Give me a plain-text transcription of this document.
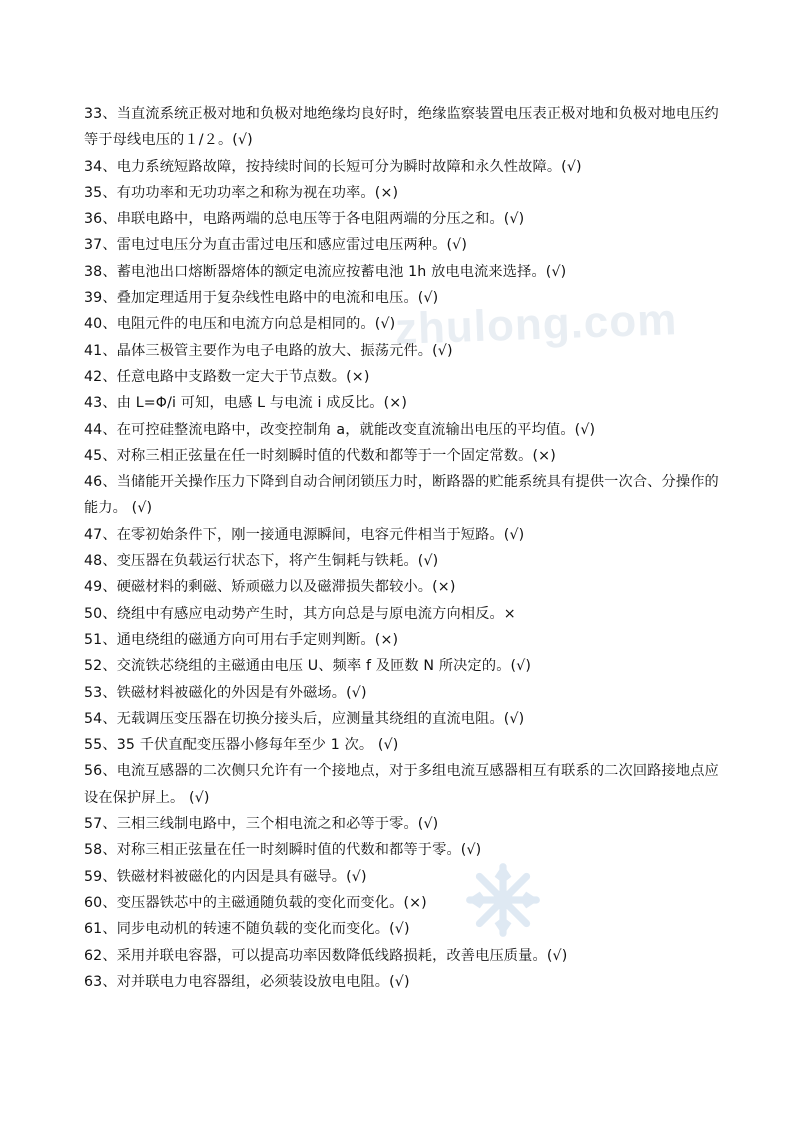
zhulong.com
33、当直流系统正极对地和负极对地绝缘均良好时，绝缘监察装置电压表正极对地和负极对地电压约等于母线电压的１/２。(√)
34、电力系统短路故障，按持续时间的长短可分为瞬时故障和永久性故障。(√)
35、有功功率和无功功率之和称为视在功率。(×)
36、串联电路中，电路两端的总电压等于各电阻两端的分压之和。(√)
37、雷电过电压分为直击雷过电压和感应雷过电压两种。(√)
38、蓄电池出口熔断器熔体的额定电流应按蓄电池 1h 放电电流来选择。(√)
39、叠加定理适用于复杂线性电路中的电流和电压。(√)
40、电阻元件的电压和电流方向总是相同的。(√)
41、晶体三极管主要作为电子电路的放大、振荡元件。(√)
42、任意电路中支路数一定大于节点数。(×)
43、由 L=Φ/i 可知，电感 L 与电流 i 成反比。(×)
44、在可控硅整流电路中，改变控制角 a，就能改变直流输出电压的平均值。(√)
45、对称三相正弦量在任一时刻瞬时值的代数和都等于一个固定常数。(×)
46、当储能开关操作压力下降到自动合闸闭锁压力时，断路器的贮能系统具有提供一次合、分操作的能力。 (√)
47、在零初始条件下，刚一接通电源瞬间，电容元件相当于短路。(√)
48、变压器在负载运行状态下，将产生铜耗与铁耗。(√)
49、硬磁材料的剩磁、矫顽磁力以及磁滞损失都较小。(×)
50、绕组中有感应电动势产生时，其方向总是与原电流方向相反。×
51、通电绕组的磁通方向可用右手定则判断。(×)
52、交流铁芯绕组的主磁通由电压 U、频率 f 及匝数 N 所决定的。(√)
53、铁磁材料被磁化的外因是有外磁场。(√)
54、无载调压变压器在切换分接头后，应测量其绕组的直流电阻。(√)
55、35 千伏直配变压器小修每年至少 1 次。 (√)
56、电流互感器的二次侧只允许有一个接地点，对于多组电流互感器相互有联系的二次回路接地点应设在保护屏上。 (√)
57、三相三线制电路中，三个相电流之和必等于零。(√)
58、对称三相正弦量在任一时刻瞬时值的代数和都等于零。(√)
59、铁磁材料被磁化的内因是具有磁导。(√)
60、变压器铁芯中的主磁通随负载的变化而变化。(×)
61、同步电动机的转速不随负载的变化而变化。(√)
62、采用并联电容器，可以提高功率因数降低线路损耗，改善电压质量。(√)
63、对并联电力电容器组，必须装设放电电阻。(√)
